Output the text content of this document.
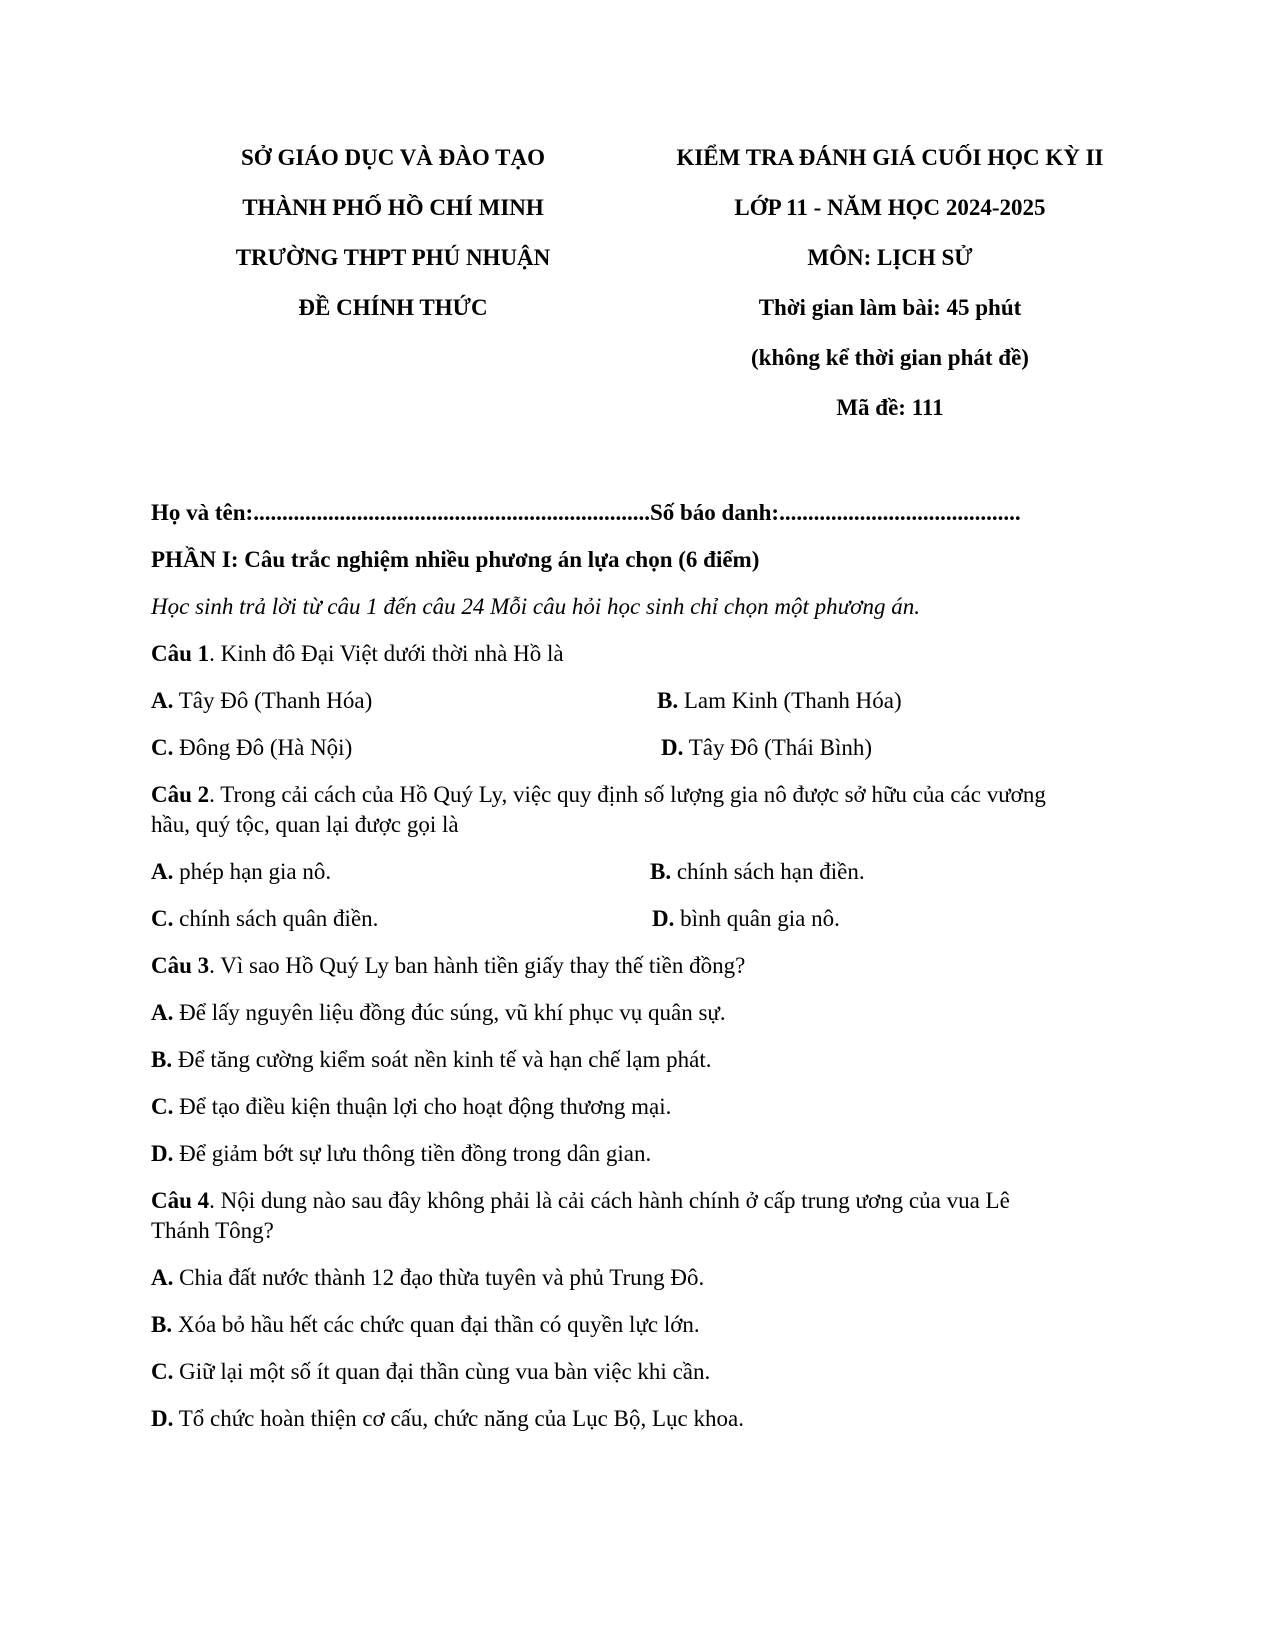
SỞ GIÁO DỤC VÀ ĐÀO TẠO
THÀNH PHỐ HỒ CHÍ MINH
TRƯỜNG THPT PHÚ NHUẬN
ĐỀ CHÍNH THỨC
KIỂM TRA ĐÁNH GIÁ CUỐI HỌC KỲ II
LỚP 11 - NĂM HỌC 2024-2025
MÔN: LỊCH SỬ
Thời gian làm bài: 45 phút
(không kể thời gian phát đề)
Mã đề: 111
Họ và tên:.....................................................................Số báo danh:..........................................
PHẦN I: Câu trắc nghiệm nhiều phương án lựa chọn (6 điểm)
Học sinh trả lời từ câu 1 đến câu 24 Mỗi câu hỏi học sinh chỉ chọn một phương án.
Câu 1. Kinh đô Đại Việt dưới thời nhà Hồ là
A. Tây Đô (Thanh Hóa)	B. Lam Kinh (Thanh Hóa)
C. Đông Đô (Hà Nội)	D. Tây Đô (Thái Bình)
Câu 2. Trong cải cách của Hồ Quý Ly, việc quy định số lượng gia nô được sở hữu của các vương
hầu, quý tộc, quan lại được gọi là
A. phép hạn gia nô.	B. chính sách hạn điền.
C. chính sách quân điền.	D. bình quân gia nô.
Câu 3. Vì sao Hồ Quý Ly ban hành tiền giấy thay thế tiền đồng?
A. Để lấy nguyên liệu đồng đúc súng, vũ khí phục vụ quân sự.
B. Để tăng cường kiểm soát nền kinh tế và hạn chế lạm phát.
C. Để tạo điều kiện thuận lợi cho hoạt động thương mại.
D. Để giảm bớt sự lưu thông tiền đồng trong dân gian.
Câu 4. Nội dung nào sau đây không phải là cải cách hành chính ở cấp trung ương của vua Lê
Thánh Tông?
A. Chia đất nước thành 12 đạo thừa tuyên và phủ Trung Đô.
B. Xóa bỏ hầu hết các chức quan đại thần có quyền lực lớn.
C. Giữ lại một số ít quan đại thần cùng vua bàn việc khi cần.
D. Tổ chức hoàn thiện cơ cấu, chức năng của Lục Bộ, Lục khoa.
